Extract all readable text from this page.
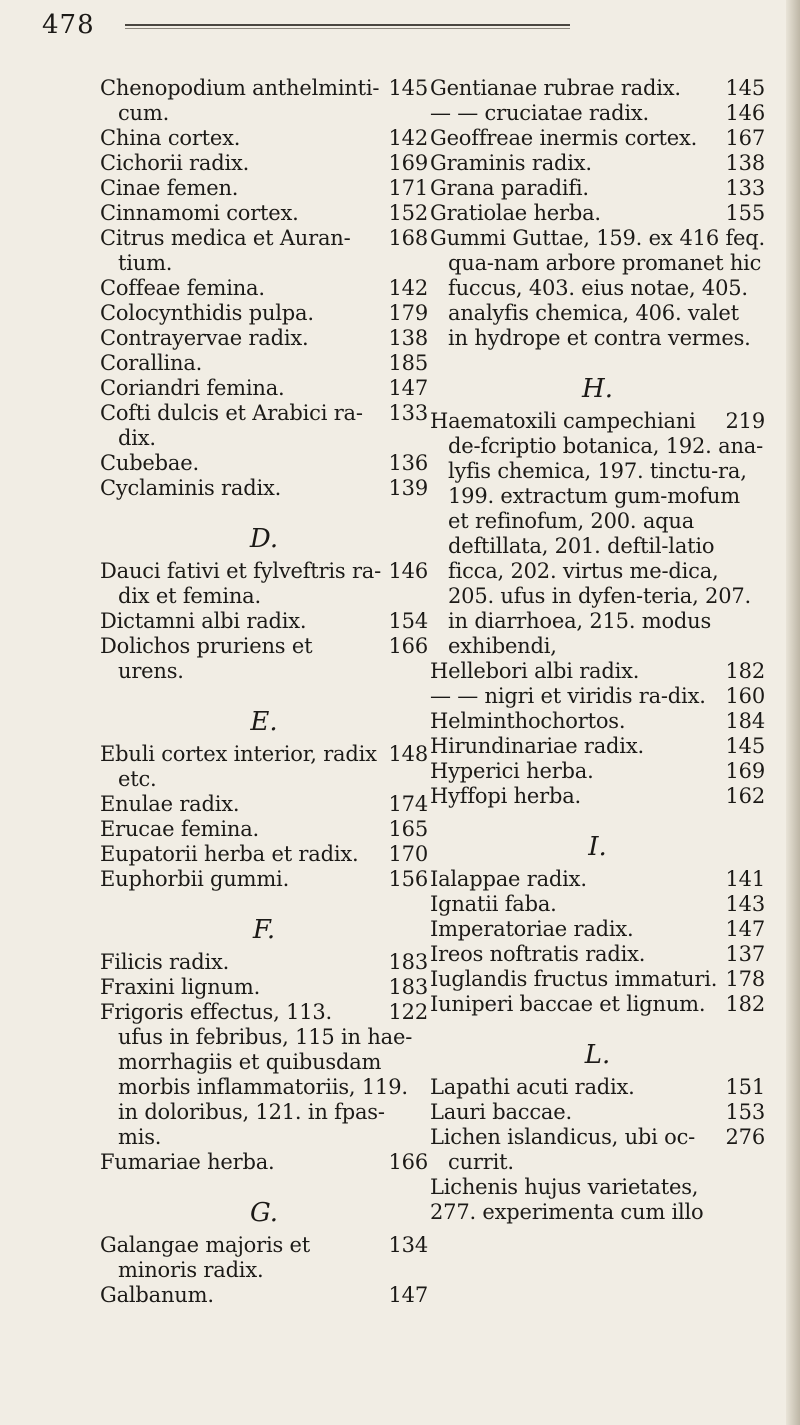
478
145
Chenopodium anthelminti-cum.
142
China cortex.
169
Cichorii radix.
171
Cinae femen.
152
Cinnamomi cortex.
168
Citrus medica et Auran-tium.
142
Coffeae femina.
179
Colocynthidis pulpa.
138
Contrayervae radix.
185
Corallina.
147
Coriandri femina.
133
Cofti dulcis et Arabici ra-dix.
136
Cubebae.
139
Cyclaminis radix.
D.
146
Dauci fativi et fylveftris ra-dix et femina.
154
Dictamni albi radix.
166
Dolichos pruriens et urens.
E.
148
Ebuli cortex interior, radix etc.
174
Enulae radix.
165
Erucae femina.
170
Eupatorii herba et radix.
156
Euphorbii gummi.
F.
183
Filicis radix.
183
Fraxini lignum.
122
Frigoris effectus, 113. ufus in febribus, 115 in hae-morrhagiis et quibusdam morbis inflammatoriis, 119. in doloribus, 121. in fpas-mis.
166
Fumariae herba.
G.
134
Galangae majoris et minoris radix.
147
Galbanum.
145
Gentianae rubrae radix.
146
— — cruciatae radix.
167
Geoffreae inermis cortex.
138
Graminis radix.
133
Grana paradifi.
155
Gratiolae herba.
416 feq.
Gummi Guttae, 159. ex qua-nam arbore promanet hic fuccus, 403. eius notae, 405. analyfis chemica, 406. valet in hydrope et contra vermes.
H.
219
Haematoxili campechiani de-fcriptio botanica, 192. ana-lyfis chemica, 197. tinctu-ra, 199. extractum gum-mofum et refinofum, 200. aqua deftillata, 201. deftil-latio ficca, 202. virtus me-dica, 205. ufus in dyfen-teria, 207. in diarrhoea, 215. modus exhibendi,
182
Hellebori albi radix.
160
— — nigri et viridis ra-dix.
184
Helminthochortos.
145
Hirundinariae radix.
169
Hyperici herba.
162
Hyffopi herba.
I.
141
Ialappae radix.
143
Ignatii faba.
147
Imperatoriae radix.
137
Ireos noftratis radix.
178
Iuglandis fructus immaturi.
182
Iuniperi baccae et lignum.
L.
151
Lapathi acuti radix.
153
Lauri baccae.
276
Lichen islandicus, ubi oc-currit.
Lichenis hujus varietates,
277. experimenta cum illo
